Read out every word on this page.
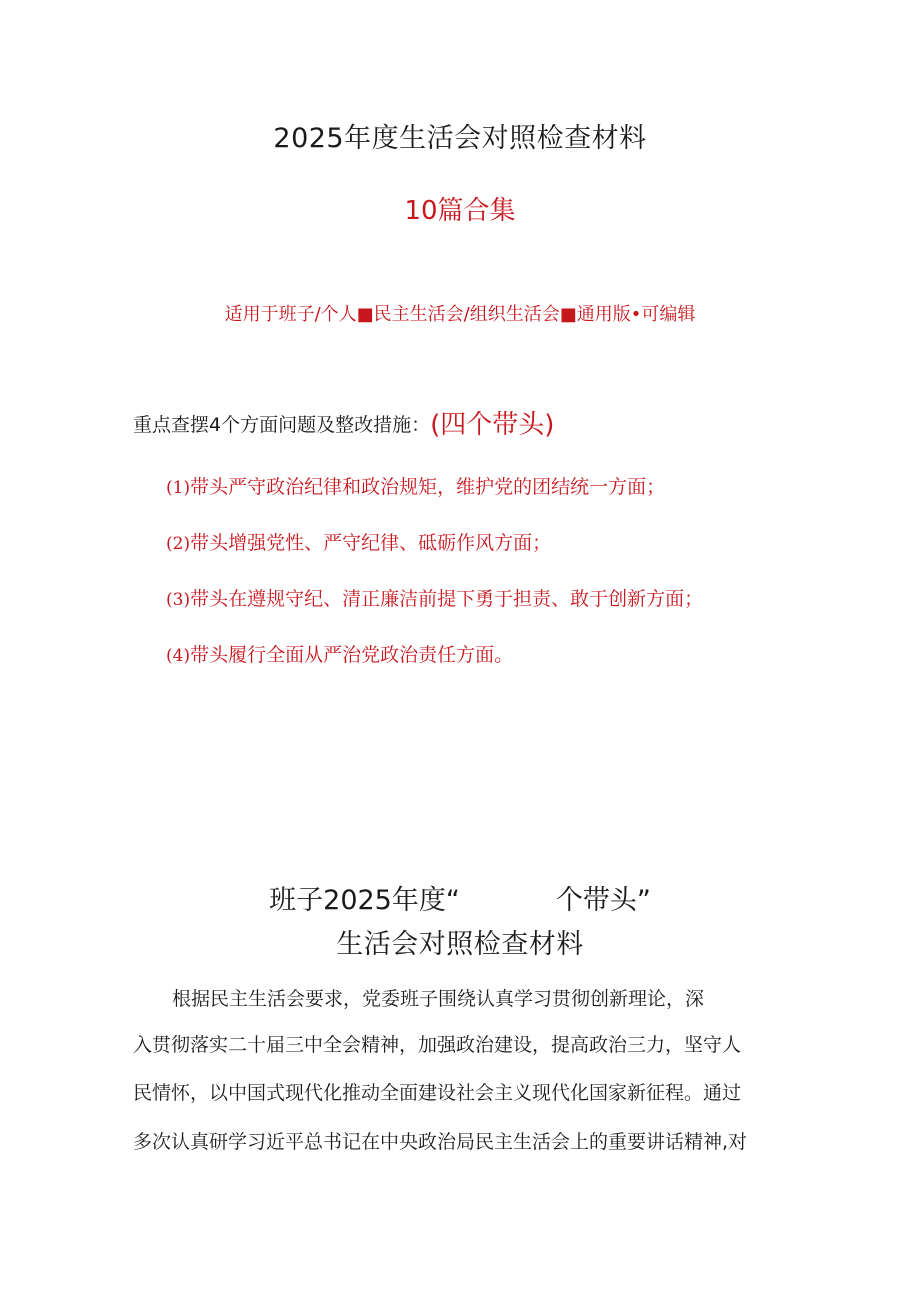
2025年度生活会对照检查材料
10篇合集
适用于班子/个人■民主生活会/组织生活会■通用版•可编辑
重点查摆4个方面问题及整改措施：(四个带头)
(1)带头严守政治纪律和政治规矩，维护党的团结统一方面；
(2)带头增强党性、严守纪律、砥砺作风方面；
(3)带头在遵规守纪、清正廉洁前提下勇于担责、敢于创新方面；
(4)带头履行全面从严治党政治责任方面。
班子2025年度“	个带头”
生活会对照检查材料
根据民主生活会要求，党委班子围绕认真学习贯彻创新理论，深
入贯彻落实二十届三中全会精神，加强政治建设，提高政治三力，坚守人
民情怀，以中国式现代化推动全面建设社会主义现代化国家新征程。通过
多次认真研学习近平总书记在中央政治局民主生活会上的重要讲话精神,对
